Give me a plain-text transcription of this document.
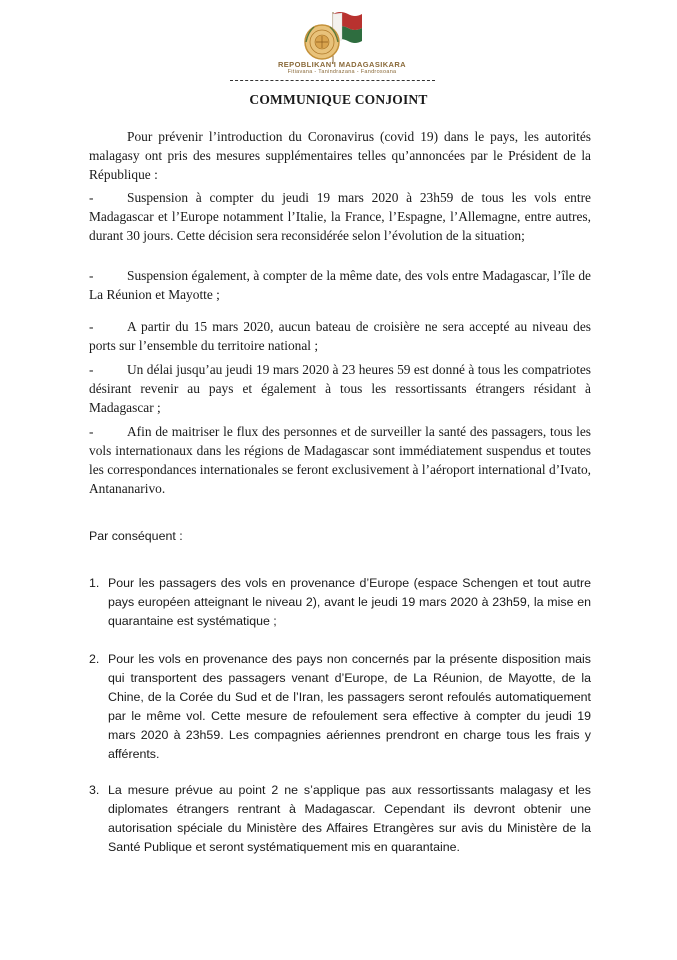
REPOBLIKAN'I MADAGASIKARA
Fitiavana - Tanindrazana - Fandrosoana
COMMUNIQUE CONJOINT

Pour prévenir l’introduction du Coronavirus (covid 19) dans le pays, les autorités malagasy ont pris des mesures supplémentaires telles qu’annoncées par le Président de la République :

-	Suspension à compter du jeudi 19 mars 2020 à 23h59 de tous les vols entre Madagascar et l’Europe notamment l’Italie, la France, l’Espagne, l’Allemagne, entre autres, durant 30 jours. Cette décision sera reconsidérée selon l’évolution de la situation;

-	Suspension également, à compter de la même date, des vols entre Madagascar, l’île de La Réunion et Mayotte ;

-	A partir du 15 mars 2020, aucun bateau de croisière ne sera accepté au niveau des ports sur l’ensemble du territoire national ;

-	Un délai jusqu’au jeudi 19 mars 2020 à 23 heures 59 est donné à tous les compatriotes désirant revenir au pays et également à tous les ressortissants étrangers résidant à Madagascar ;

-	Afin de maitriser le flux des personnes et de surveiller la santé des passagers, tous les vols internationaux dans les régions de Madagascar sont immédiatement suspendus et toutes les correspondances internationales se feront exclusivement à l’aéroport international d’Ivato, Antananarivo.

Par conséquent :

1. Pour les passagers des vols en provenance d’Europe (espace Schengen et tout autre pays européen atteignant le niveau 2), avant le jeudi 19 mars 2020 à 23h59, la mise en quarantaine est systématique ;

2. Pour les vols en provenance des pays non concernés par la présente disposition mais qui transportent des passagers venant d’Europe, de La Réunion, de Mayotte, de la Chine, de la Corée du Sud et de l’Iran, les passagers seront refoulés automatiquement par le même vol. Cette mesure de refoulement sera effective à compter du jeudi 19 mars 2020 à 23h59. Les compagnies aériennes prendront en charge tous les frais y afférents.

3. La mesure prévue au point 2 ne s’applique pas aux ressortissants malagasy et les diplomates étrangers rentrant à Madagascar. Cependant ils devront obtenir une autorisation spéciale du Ministère des Affaires Etrangères sur avis du Ministère de la Santé Publique et seront systématiquement mis en quarantaine.
